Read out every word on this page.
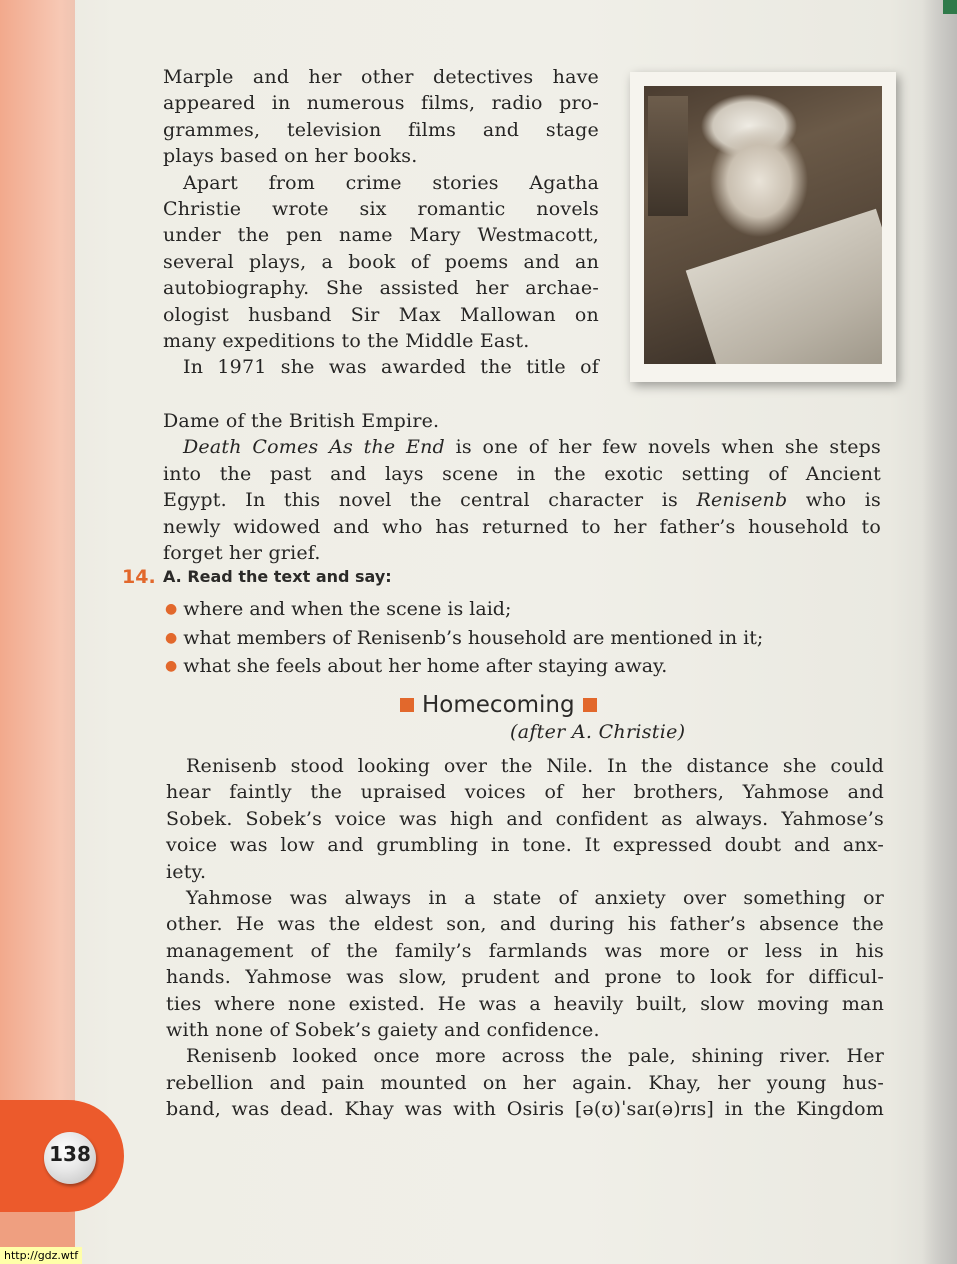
Marple and her other detectives have

appeared in numerous films, radio pro-

grammes, television films and stage

plays based on her books.

Apart from crime stories Agatha

Christie wrote six romantic novels

under the pen name Mary Westmacott,

several plays, a book of poems and an

autobiography. She assisted her archae-

ologist husband Sir Max Mallowan on

many expeditions to the Middle East.

In 1971 she was awarded the title of

Dame of the British Empire.

Death Comes As the End is one of her few novels when she steps

into the past and lays scene in the exotic setting of Ancient

Egypt. In this novel the central character is Renisenb who is

newly widowed and who has returned to her father’s household to

forget her grief.

14. A. Read the text and say:
● where and when the scene is laid;
● what members of Renisenb’s household are mentioned in it;
● what she feels about her home after staying away.
Homecoming
(after A. Christie)

Renisenb stood looking over the Nile. In the distance she could

hear faintly the upraised voices of her brothers, Yahmose and

Sobek. Sobek’s voice was high and confident as always. Yahmose’s

voice was low and grumbling in tone. It expressed doubt and anx-

iety.

Yahmose was always in a state of anxiety over something or

other. He was the eldest son, and during his father’s absence the

management of the family’s farmlands was more or less in his

hands. Yahmose was slow, prudent and prone to look for difficul-

ties where none existed. He was a heavily built, slow moving man

with none of Sobek’s gaiety and confidence.

Renisenb looked once more across the pale, shining river. Her

rebellion and pain mounted on her again. Khay, her young hus-

band, was dead. Khay was with Osiris [ə(ʊ)ˈsaɪ(ə)rɪs] in the Kingdom

138
http://gdz.wtf
